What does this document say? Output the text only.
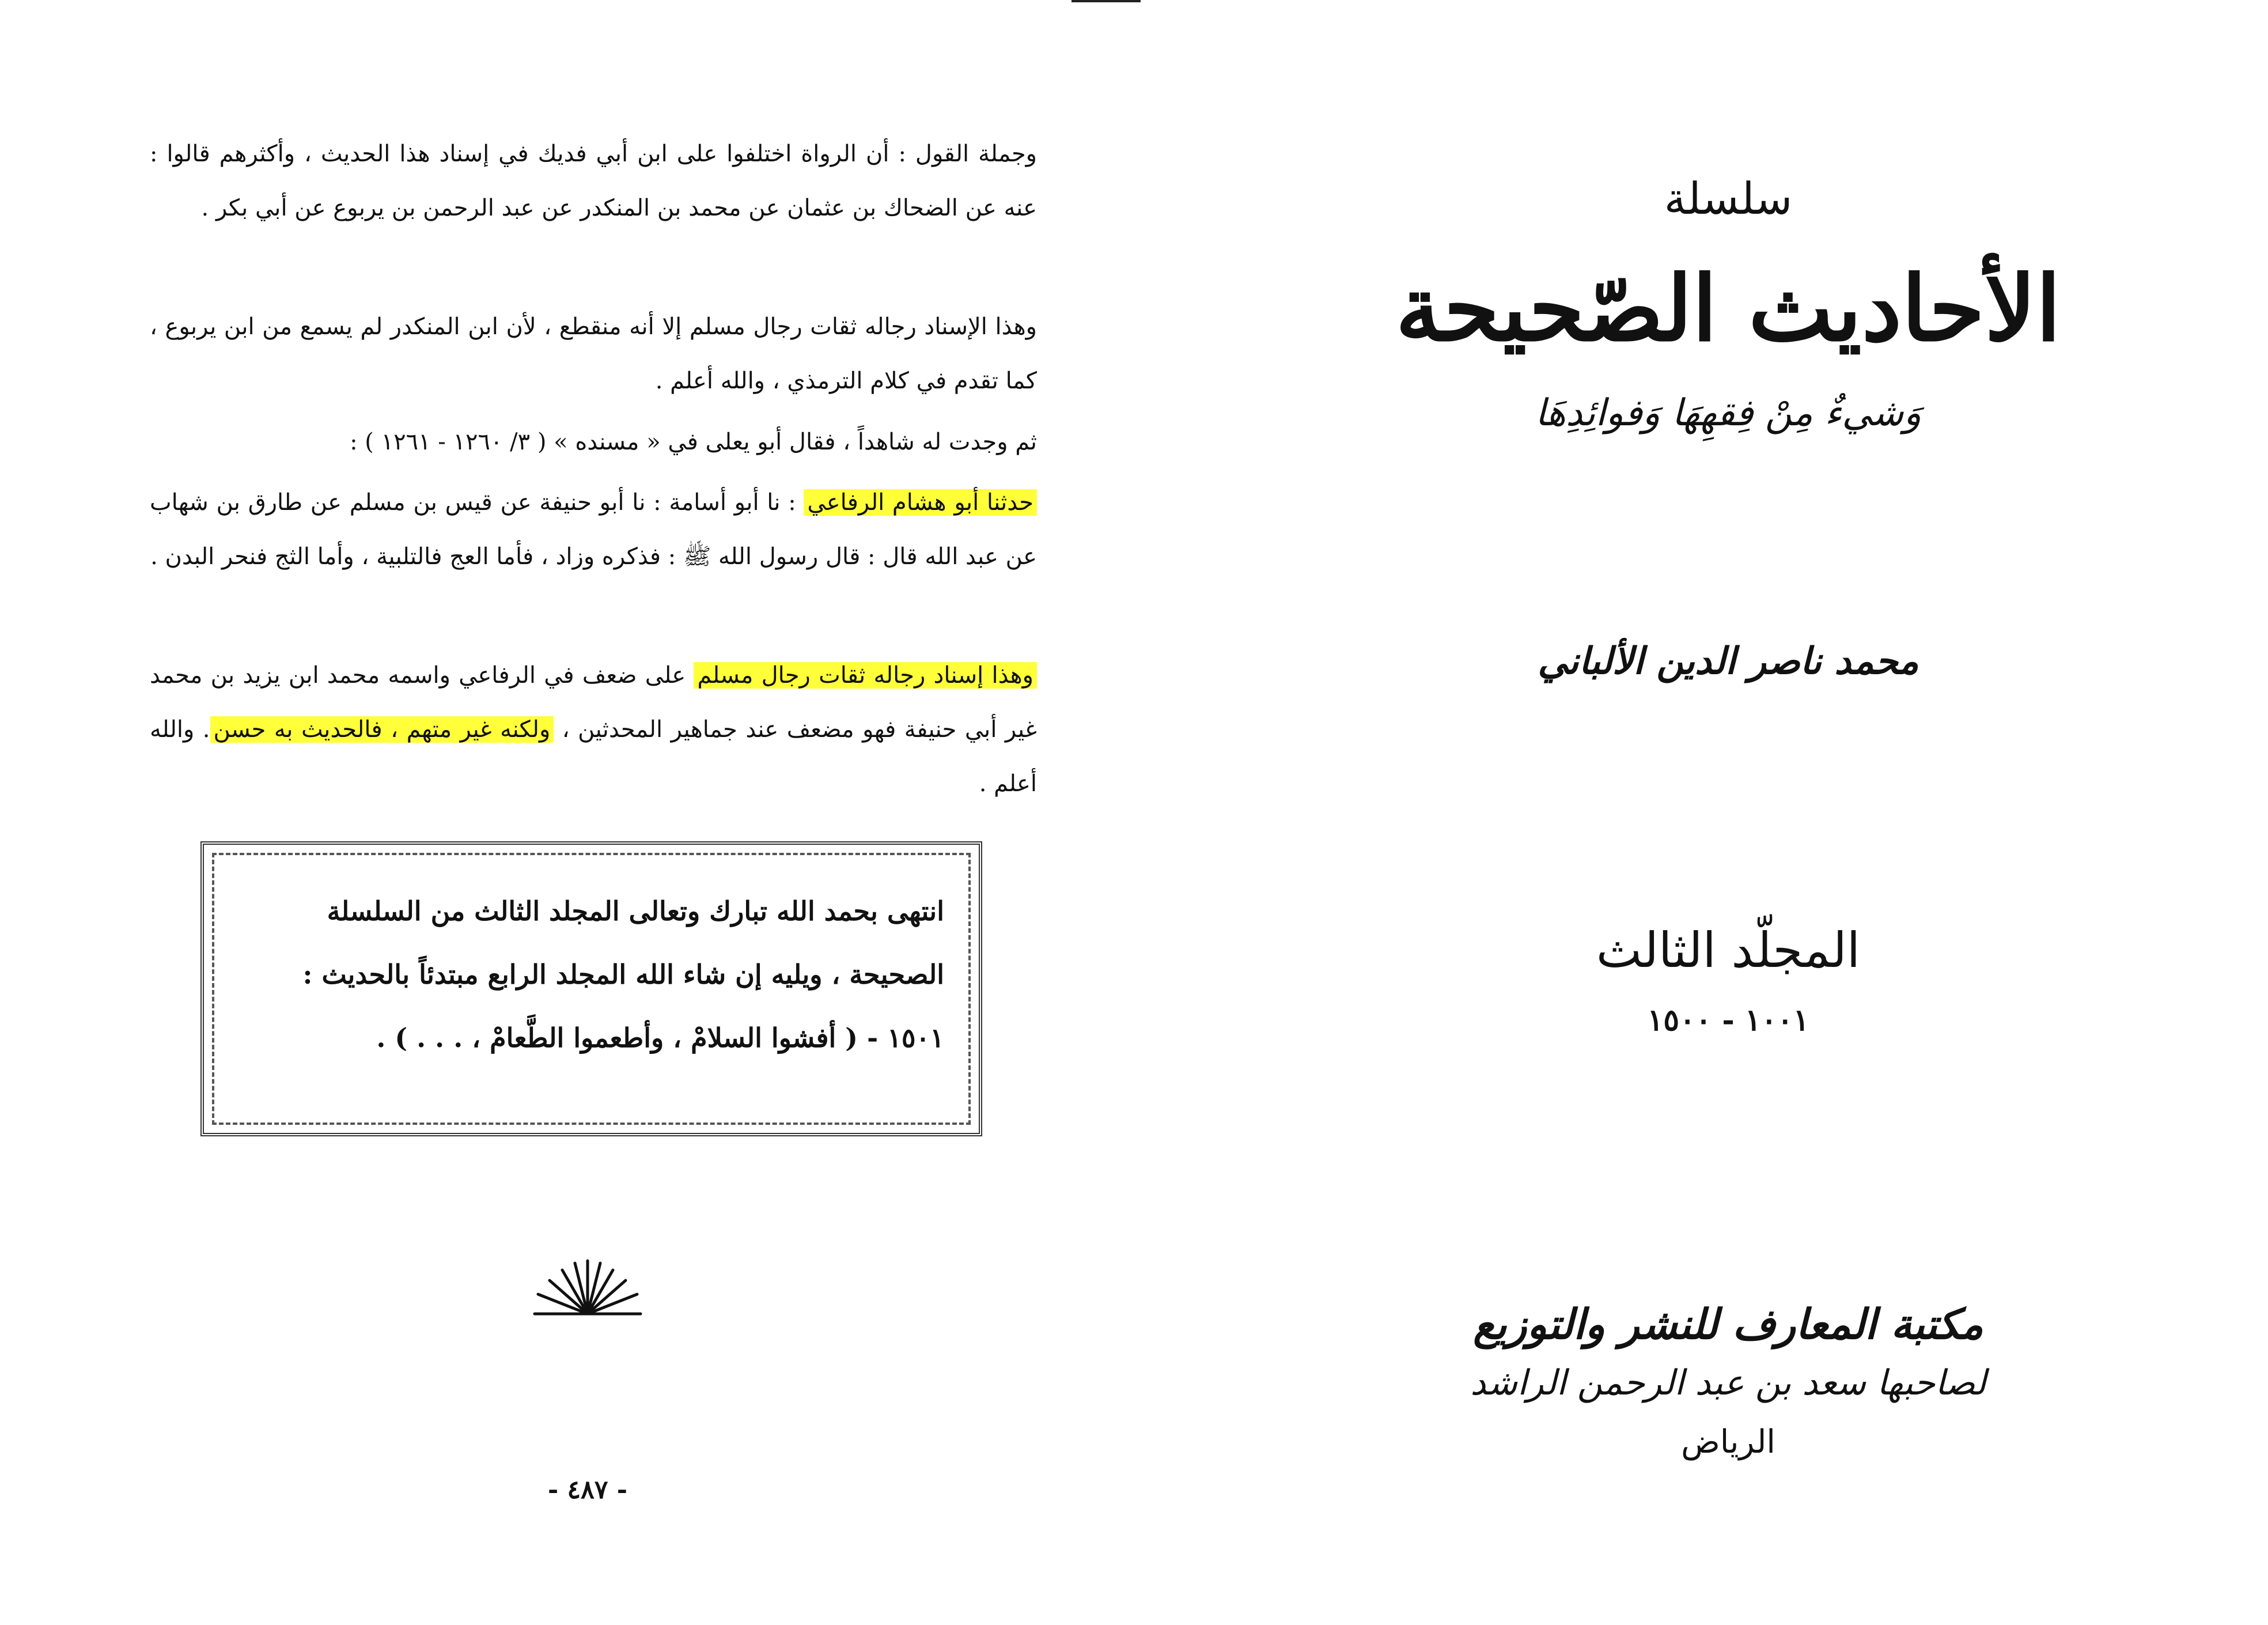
وجملة القول : أن الرواة اختلفوا على ابن أبي فديك في إسناد هذا الحديث ، وأكثرهم قالوا : عنه عن الضحاك بن عثمان عن محمد بن المنكدر عن عبد الرحمن بن يربوع عن أبي بكر .
وهذا الإسناد رجاله ثقات رجال مسلم إلا أنه منقطع ، لأن ابن المنكدر لم يسمع من ابن يربوع ، كما تقدم في كلام الترمذي ، والله أعلم .
ثم وجدت له شاهداً ، فقال أبو يعلى في « مسنده » ( ٣/ ١٢٦٠ - ١٢٦١ ) :
حدثنا أبو هشام الرفاعي : نا أبو أسامة : نا أبو حنيفة عن قيس بن مسلم عن طارق بن شهاب عن عبد الله قال : قال رسول الله ﷺ : فذكره وزاد ، فأما العج فالتلبية ، وأما الثج فنحر البدن .
وهذا إسناد رجاله ثقات رجال مسلم على ضعف في الرفاعي واسمه محمد ابن يزيد بن محمد غير أبي حنيفة فهو مضعف عند جماهير المحدثين ، ولكنه غير متهم ، فالحديث به حسن. والله أعلم .
انتهى بحمد الله تبارك وتعالى المجلد الثالث من السلسلة
الصحيحة ، ويليه إن شاء الله المجلد الرابع مبتدئاً بالحديث :
١٥٠١ - ( أفشوا السلامْ ، وأطعموا الطَّعامْ ، . . . ) .
- ٤٨٧ -
سلسلة
الأحاديث الصّحيحة
وَشيءٌ مِنْ فِقهِهَا وَفوائِدِهَا
محمد ناصر الدين الألباني
المجلّد الثالث
١٠٠١ - ١٥٠٠
مكتبة المعارف للنشر والتوزيع
لصاحبها سعد بن عبد الرحمن الراشد
الرياض
